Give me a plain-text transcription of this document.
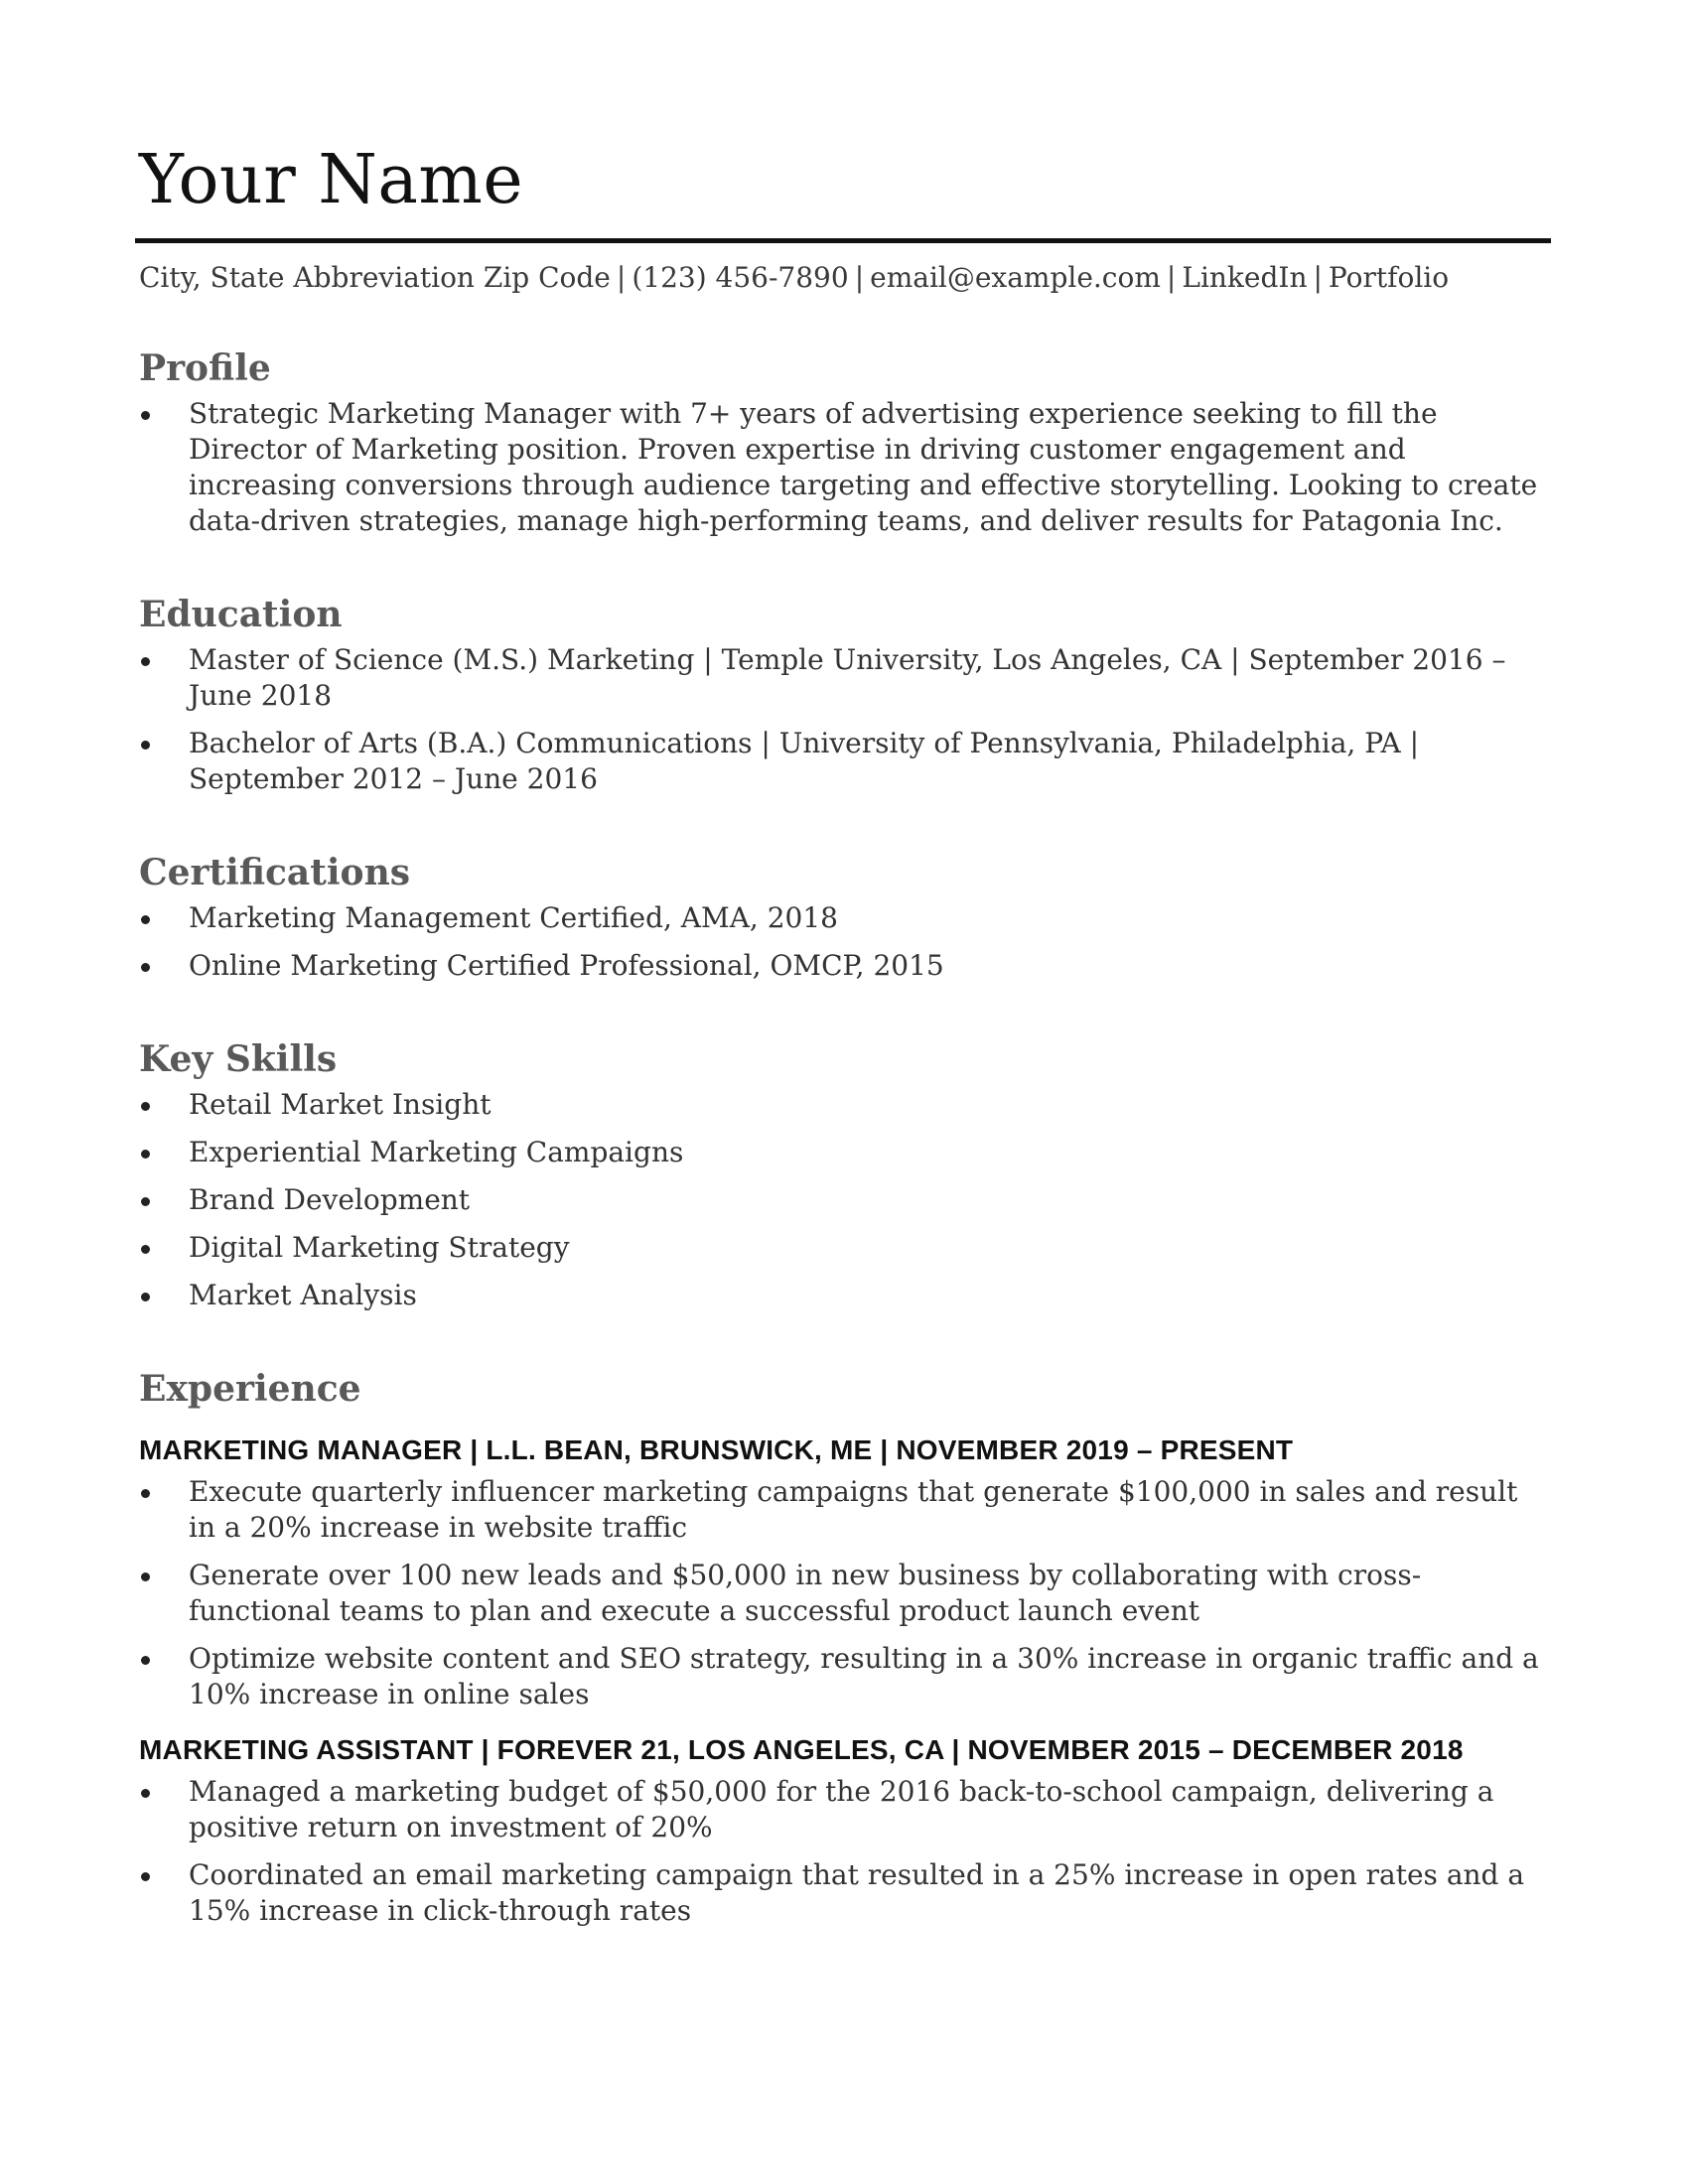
Your Name
City, State Abbreviation Zip Code | (123) 456-7890 | email@example.com | LinkedIn | Portfolio
Profile
Strategic Marketing Manager with 7+ years of advertising experience seeking to fill the Director of Marketing position. Proven expertise in driving customer engagement and increasing conversions through audience targeting and effective storytelling. Looking to create data-driven strategies, manage high-performing teams, and deliver results for Patagonia Inc.
Education
Master of Science (M.S.) Marketing | Temple University, Los Angeles, CA | September 2016 – June 2018
Bachelor of Arts (B.A.) Communications | University of Pennsylvania, Philadelphia, PA | September 2012 – June 2016
Certifications
Marketing Management Certified, AMA, 2018
Online Marketing Certified Professional, OMCP, 2015
Key Skills
Retail Market Insight
Experiential Marketing Campaigns
Brand Development
Digital Marketing Strategy
Market Analysis
Experience
MARKETING MANAGER | L.L. BEAN, BRUNSWICK, ME | NOVEMBER 2019 – PRESENT
Execute quarterly influencer marketing campaigns that generate $100,000 in sales and result in a 20% increase in website traffic
Generate over 100 new leads and $50,000 in new business by collaborating with cross-functional teams to plan and execute a successful product launch event
Optimize website content and SEO strategy, resulting in a 30% increase in organic traffic and a 10% increase in online sales
MARKETING ASSISTANT | FOREVER 21, LOS ANGELES, CA | NOVEMBER 2015 – DECEMBER 2018
Managed a marketing budget of $50,000 for the 2016 back-to-school campaign, delivering a positive return on investment of 20%
Coordinated an email marketing campaign that resulted in a 25% increase in open rates and a 15% increase in click-through rates
